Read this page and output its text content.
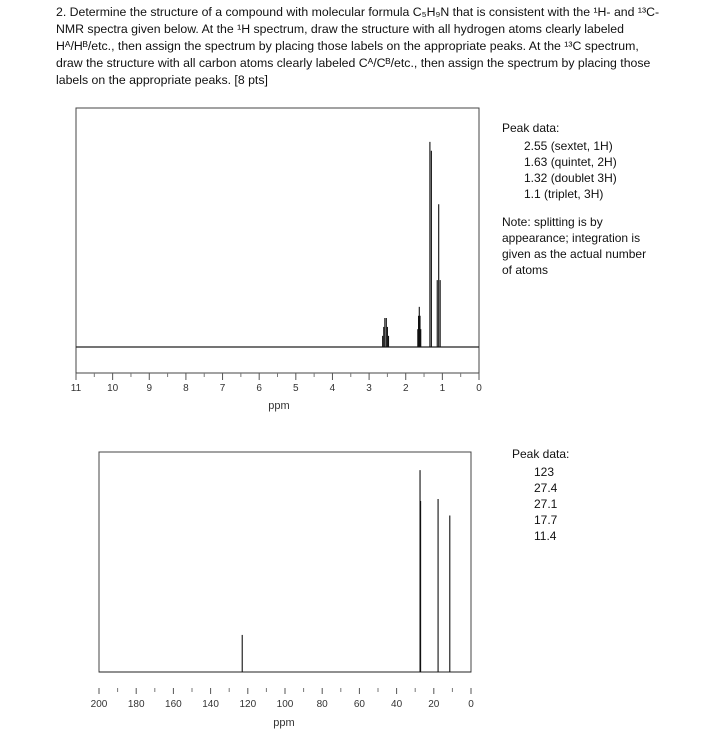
2. Determine the structure of a compound with molecular formula C₅H₉N that is consistent with the ¹H- and ¹³C-
NMR spectra given below. At the ¹H spectrum, draw the structure with all hydrogen atoms clearly labeled
Hᴬ/Hᴮ/etc., then assign the spectrum by placing those labels on the appropriate peaks. At the ¹³C spectrum,
draw the structure with all carbon atoms clearly labeled Cᴬ/Cᴮ/etc., then assign the spectrum by placing those
labels on the appropriate peaks. [8 pts]
11	10	9	8	7	6	5	4	3	2	1	0
ppm
Peak data:
2.55 (sextet, 1H)
1.63 (quintet, 2H)
1.32 (doublet 3H)
1.1 (triplet, 3H)
Note: splitting is by
appearance; integration is
given as the actual number
of atoms
200 180 160 140 120 100 80	60	40	20	0
ppm
Peak data:
123
27.4
27.1
17.7
11.4
